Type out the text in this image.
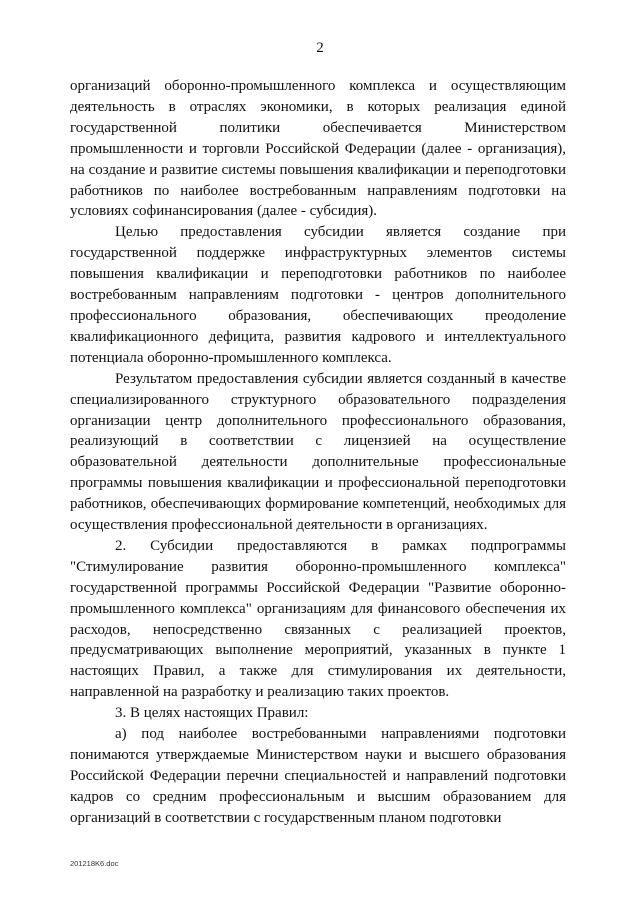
2

организаций оборонно-промышленного комплекса и осуществляющим деятельность в отраслях экономики, в которых реализация единой государственной политики обеспечивается Министерством промышленности и торговли Российской Федерации (далее - организация), на создание и развитие системы повышения квалификации и переподготовки работников по наиболее востребованным направлениям подготовки на условиях софинансирования (далее - субсидия).

Целью предоставления субсидии является создание при государственной поддержке инфраструктурных элементов системы повышения квалификации и переподготовки работников по наиболее востребованным направлениям подготовки - центров дополнительного профессионального образования, обеспечивающих преодоление квалификационного дефицита, развития кадрового и интеллектуального потенциала оборонно-промышленного комплекса.

Результатом предоставления субсидии является созданный в качестве специализированного структурного образовательного подразделения организации центр дополнительного профессионального образования, реализующий в соответствии с лицензией на осуществление образовательной деятельности дополнительные профессиональные программы повышения квалификации и профессиональной переподготовки работников, обеспечивающих формирование компетенций, необходимых для осуществления профессиональной деятельности в организациях.

2. Субсидии предоставляются в рамках подпрограммы "Стимулирование развития оборонно-промышленного комплекса" государственной программы Российской Федерации "Развитие оборонно-промышленного комплекса" организациям для финансового обеспечения их расходов, непосредственно связанных с реализацией проектов, предусматривающих выполнение мероприятий, указанных в пункте 1 настоящих Правил, а также для стимулирования их деятельности, направленной на разработку и реализацию таких проектов.

3. В целях настоящих Правил:

а) под наиболее востребованными направлениями подготовки понимаются утверждаемые Министерством науки и высшего образования Российской Федерации перечни специальностей и направлений подготовки кадров со средним профессиональным и высшим образованием для организаций в соответствии с государственным планом подготовки

201218K6.doc
